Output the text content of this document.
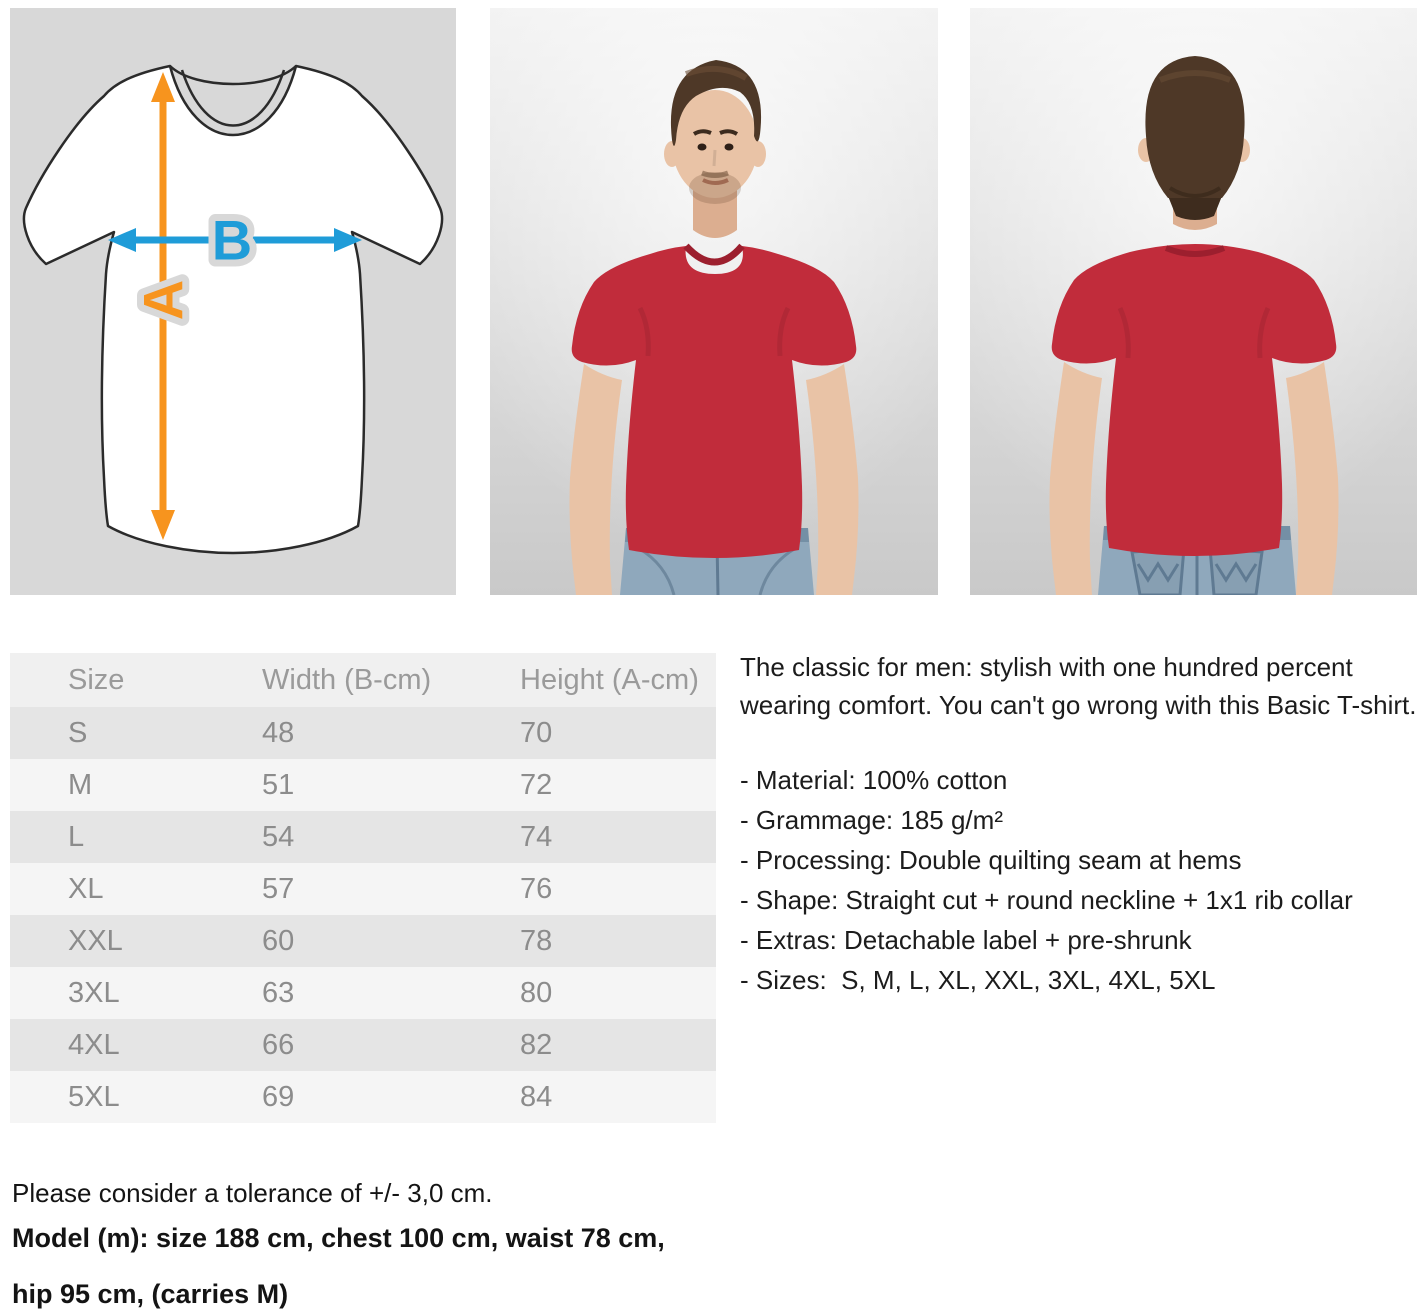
A
B
Size	Width (B-cm)	Height (A-cm)
S	48	70
M	51	72
L	54	74
XL	57	76
XXL	60	78
3XL	63	80
4XL	66	82
5XL	69	84

The classic for men: stylish with one hundred percent wearing comfort. You can't go wrong with this Basic T-shirt.

- Material: 100% cotton
- Grammage: 185 g/m²
- Processing: Double quilting seam at hems
- Shape: Straight cut + round neckline + 1x1 rib collar
- Extras: Detachable label + pre-shrunk
- Sizes:  S, M, L, XL, XXL, 3XL, 4XL, 5XL

Please consider a tolerance of +/- 3,0 cm.

Model (m): size 188 cm, chest 100 cm, waist 78 cm, hip 95 cm, (carries M)
